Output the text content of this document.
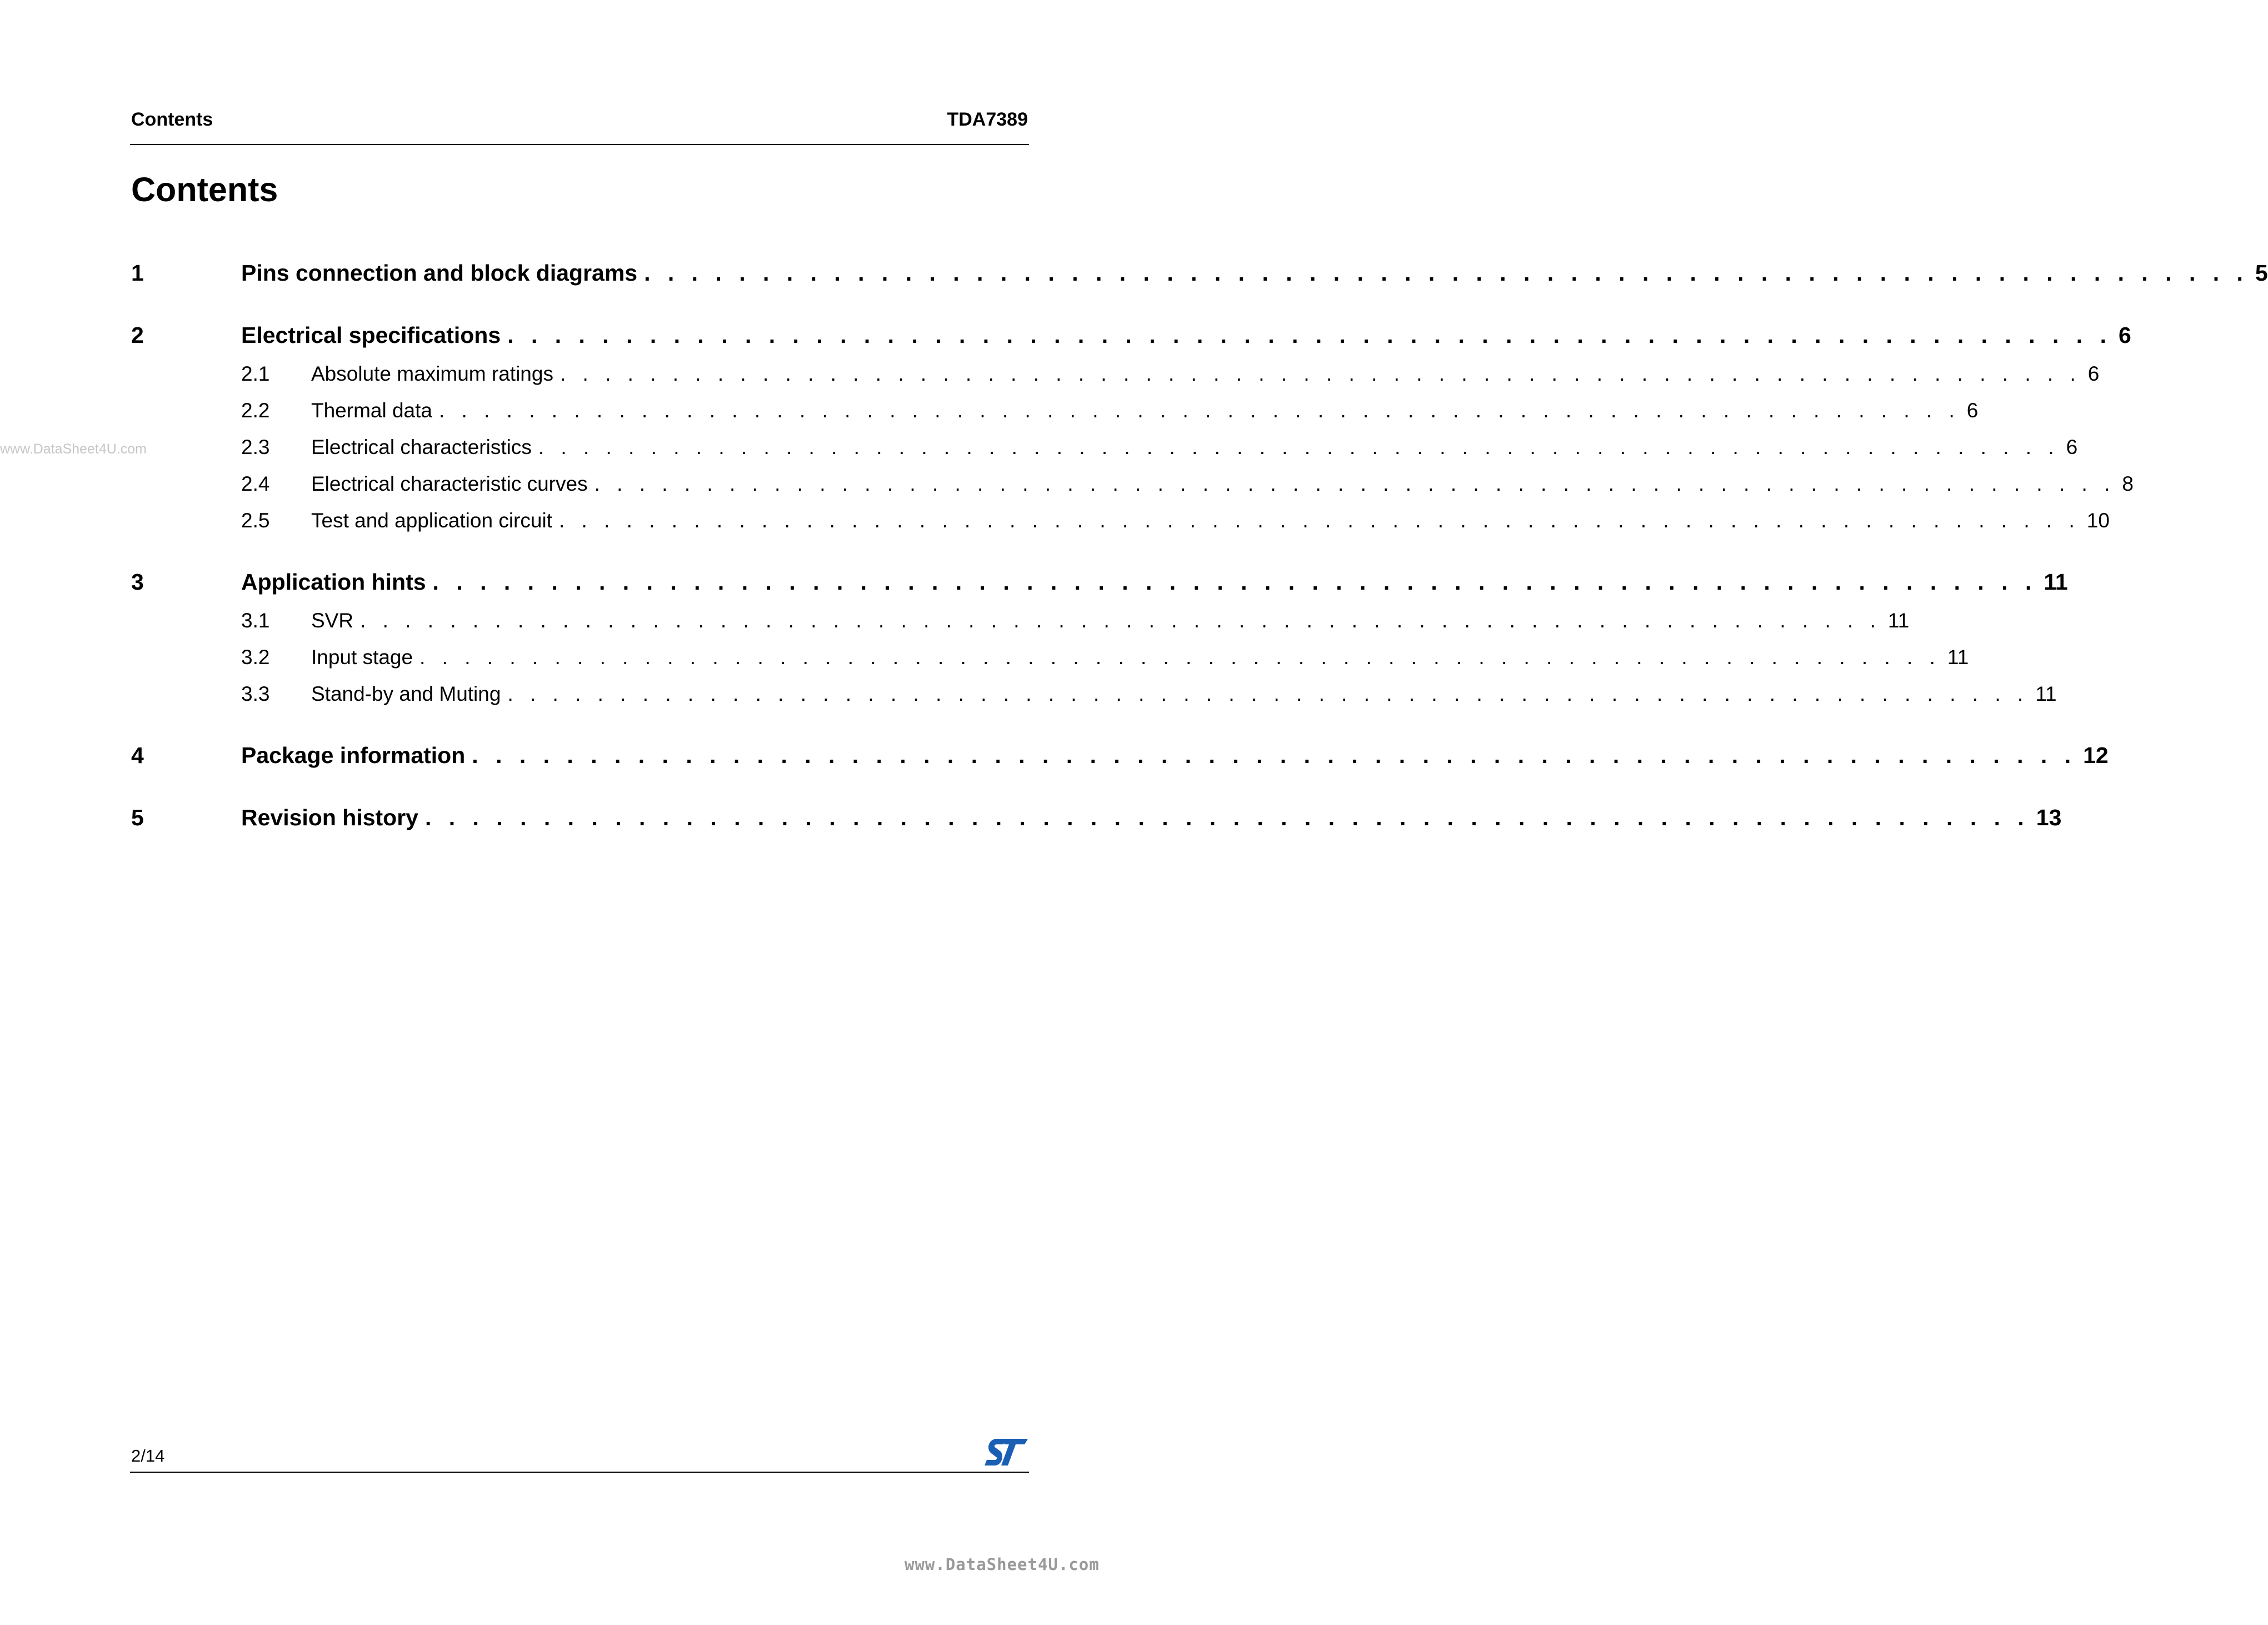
Contents	TDA7389
Contents
www.DataSheet4U.com
1	Pins connection and block diagrams . . . . . . . . . . . . . . . . . . . . . . . . . . . . . . . . . . . . . . . . . . . . . . . . . . . . . . . . . . . . . . . . . . . . 5
2	Electrical specifications . . . . . . . . . . . . . . . . . . . . . . . . . . . . . . . . . . . . . . . . . . . . . . . . . . . . . . . . . . . . . . . . . . . . 6
2.1 Absolute maximum ratings . . . . . . . . . . . . . . . . . . . . . . . . . . . . . . . . . . . . . . . . . . . . . . . . . . . . . . . . . . . . . . . . . . . . 6
2.2 Thermal data . . . . . . . . . . . . . . . . . . . . . . . . . . . . . . . . . . . . . . . . . . . . . . . . . . . . . . . . . . . . . . . . . . . . 6
2.3 Electrical characteristics . . . . . . . . . . . . . . . . . . . . . . . . . . . . . . . . . . . . . . . . . . . . . . . . . . . . . . . . . . . . . . . . . . . . 6
2.4 Electrical characteristic curves . . . . . . . . . . . . . . . . . . . . . . . . . . . . . . . . . . . . . . . . . . . . . . . . . . . . . . . . . . . . . . . . . . . . 8
2.5 Test and application circuit . . . . . . . . . . . . . . . . . . . . . . . . . . . . . . . . . . . . . . . . . . . . . . . . . . . . . . . . . . . . . . . . . . . . 10
3	Application hints . . . . . . . . . . . . . . . . . . . . . . . . . . . . . . . . . . . . . . . . . . . . . . . . . . . . . . . . . . . . . . . . . . . . 11
3.1 SVR . . . . . . . . . . . . . . . . . . . . . . . . . . . . . . . . . . . . . . . . . . . . . . . . . . . . . . . . . . . . . . . . . . . . 11
3.2 Input stage . . . . . . . . . . . . . . . . . . . . . . . . . . . . . . . . . . . . . . . . . . . . . . . . . . . . . . . . . . . . . . . . . . . . 11
3.3 Stand-by and Muting . . . . . . . . . . . . . . . . . . . . . . . . . . . . . . . . . . . . . . . . . . . . . . . . . . . . . . . . . . . . . . . . . . . . 11
4	Package information . . . . . . . . . . . . . . . . . . . . . . . . . . . . . . . . . . . . . . . . . . . . . . . . . . . . . . . . . . . . . . . . . . . . 12
5	Revision history . . . . . . . . . . . . . . . . . . . . . . . . . . . . . . . . . . . . . . . . . . . . . . . . . . . . . . . . . . . . . . . . . . . . 13
2/14
www.DataSheet4U.com
